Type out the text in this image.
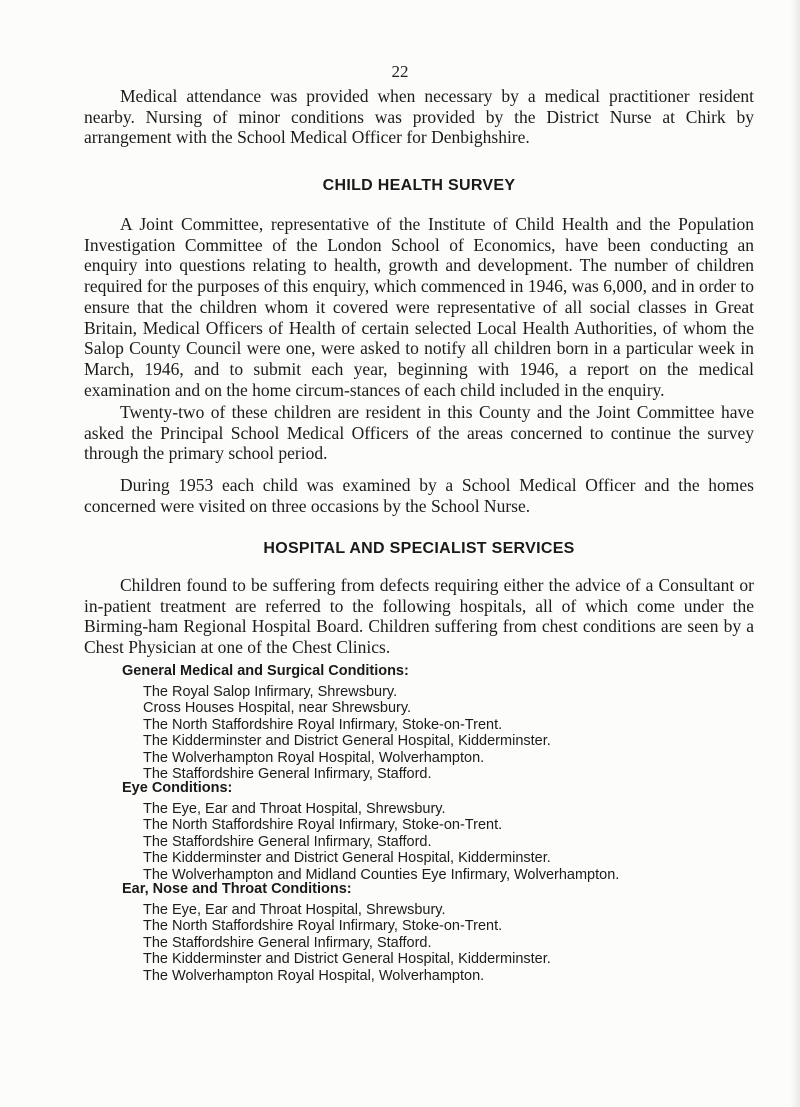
22

Medical attendance was provided when necessary by a medical practitioner resident nearby. Nursing of minor conditions was provided by the District Nurse at Chirk by arrangement with the School Medical Officer for Denbighshire.

CHILD HEALTH SURVEY

A Joint Committee, representative of the Institute of Child Health and the Population Investigation Committee of the London School of Economics, have been conducting an enquiry into questions relating to health, growth and development. The number of children required for the purposes of this enquiry, which commenced in 1946, was 6,000, and in order to ensure that the children whom it covered were representative of all social classes in Great Britain, Medical Officers of Health of certain selected Local Health Authorities, of whom the Salop County Council were one, were asked to notify all children born in a particular week in March, 1946, and to submit each year, beginning with 1946, a report on the medical examination and on the home circum-stances of each child included in the enquiry.

Twenty-two of these children are resident in this County and the Joint Committee have asked the Principal School Medical Officers of the areas concerned to continue the survey through the primary school period.

During 1953 each child was examined by a School Medical Officer and the homes concerned were visited on three occasions by the School Nurse.

HOSPITAL AND SPECIALIST SERVICES

Children found to be suffering from defects requiring either the advice of a Consultant or in-patient treatment are referred to the following hospitals, all of which come under the Birming-ham Regional Hospital Board. Children suffering from chest conditions are seen by a Chest Physician at one of the Chest Clinics.

General Medical and Surgical Conditions:
The Royal Salop Infirmary, Shrewsbury.
Cross Houses Hospital, near Shrewsbury.
The North Staffordshire Royal Infirmary, Stoke-on-Trent.
The Kidderminster and District General Hospital, Kidderminster.
The Wolverhampton Royal Hospital, Wolverhampton.
The Staffordshire General Infirmary, Stafford.
Eye Conditions:
The Eye, Ear and Throat Hospital, Shrewsbury.
The North Staffordshire Royal Infirmary, Stoke-on-Trent.
The Staffordshire General Infirmary, Stafford.
The Kidderminster and District General Hospital, Kidderminster.
The Wolverhampton and Midland Counties Eye Infirmary, Wolverhampton.
Ear, Nose and Throat Conditions:
The Eye, Ear and Throat Hospital, Shrewsbury.
The North Staffordshire Royal Infirmary, Stoke-on-Trent.
The Staffordshire General Infirmary, Stafford.
The Kidderminster and District General Hospital, Kidderminster.
The Wolverhampton Royal Hospital, Wolverhampton.
